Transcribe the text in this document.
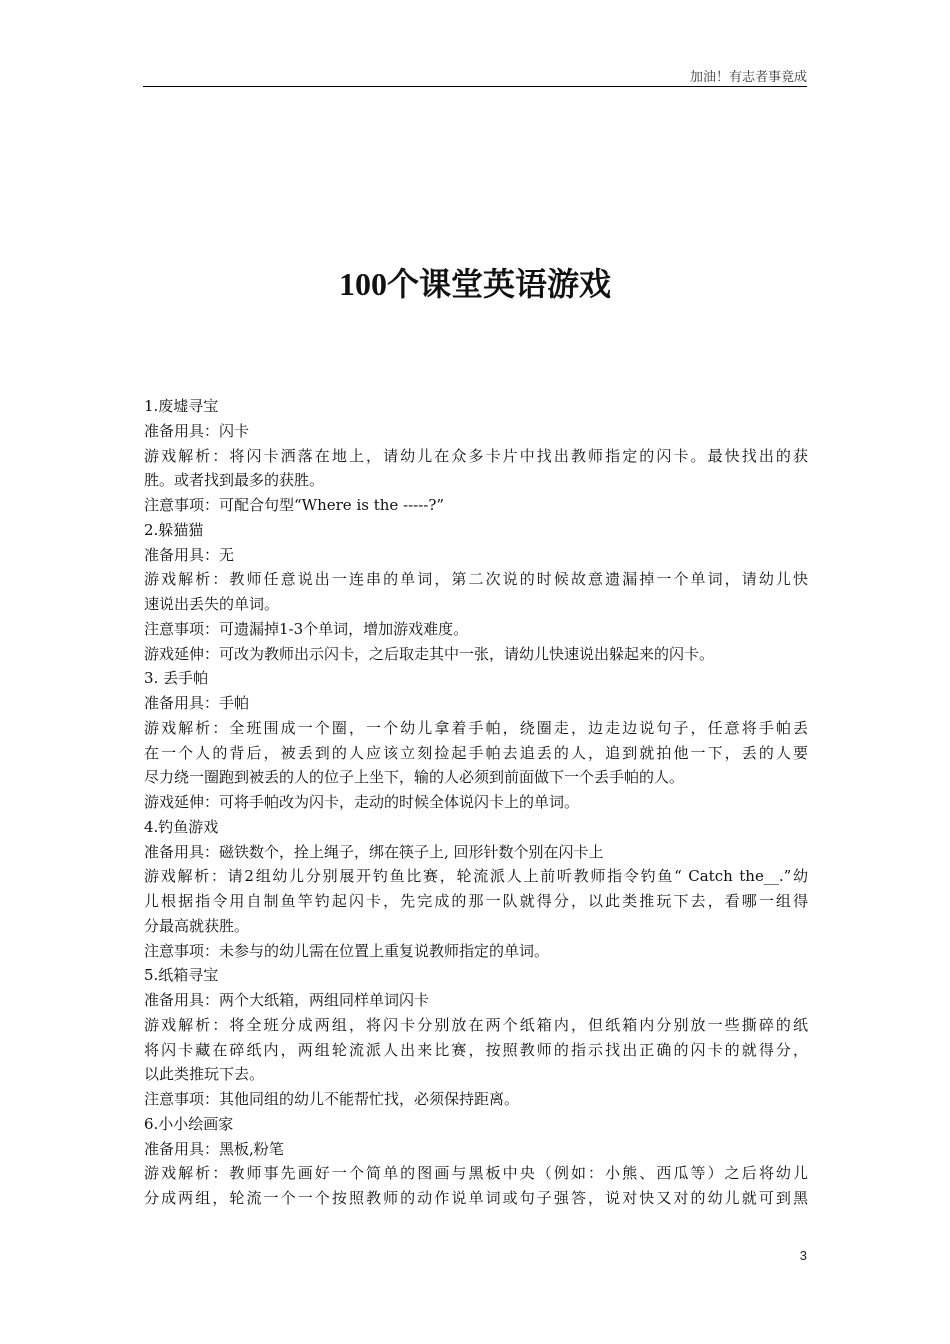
加油！有志者事竟成
100个课堂英语游戏
1.废墟寻宝
准备用具：闪卡
游戏解析：将闪卡洒落在地上，请幼儿在众多卡片中找出教师指定的闪卡。最快找出的获
胜。或者找到最多的获胜。
注意事项：可配合句型“Where is the -----?”
2.躲猫猫
准备用具：无
游戏解析：教师任意说出一连串的单词，第二次说的时候故意遗漏掉一个单词，请幼儿快
速说出丢失的单词。
注意事项：可遗漏掉1-3个单词，增加游戏难度。
游戏延伸：可改为教师出示闪卡，之后取走其中一张，请幼儿快速说出躲起来的闪卡。
3. 丢手帕
准备用具：手帕
游戏解析：全班围成一个圈，一个幼儿拿着手帕，绕圈走，边走边说句子，任意将手帕丢
在一个人的背后，被丢到的人应该立刻捡起手帕去追丢的人，追到就拍他一下，丢的人要
尽力绕一圈跑到被丢的人的位子上坐下，输的人必须到前面做下一个丢手帕的人。
游戏延伸：可将手帕改为闪卡，走动的时候全体说闪卡上的单词。
4.钓鱼游戏
准备用具：磁铁数个，拴上绳子，绑在筷子上, 回形针数个别在闪卡上
游戏解析：请2组幼儿分别展开钓鱼比赛，轮流派人上前听教师指令钓鱼“ Catch the__.”幼
儿根据指令用自制鱼竿钓起闪卡，先完成的那一队就得分，以此类推玩下去，看哪一组得
分最高就获胜。
注意事项：未参与的幼儿需在位置上重复说教师指定的单词。
5.纸箱寻宝
准备用具：两个大纸箱，两组同样单词闪卡
游戏解析：将全班分成两组，将闪卡分别放在两个纸箱内，但纸箱内分别放一些撕碎的纸
将闪卡藏在碎纸内，两组轮流派人出来比赛，按照教师的指示找出正确的闪卡的就得分，
以此类推玩下去。
注意事项：其他同组的幼儿不能帮忙找，必须保持距离。
6.小小绘画家
准备用具：黑板,粉笔
游戏解析：教师事先画好一个简单的图画与黑板中央（例如：小熊、西瓜等）之后将幼儿
分成两组，轮流一个一个按照教师的动作说单词或句子强答，说对快又对的幼儿就可到黑
3
